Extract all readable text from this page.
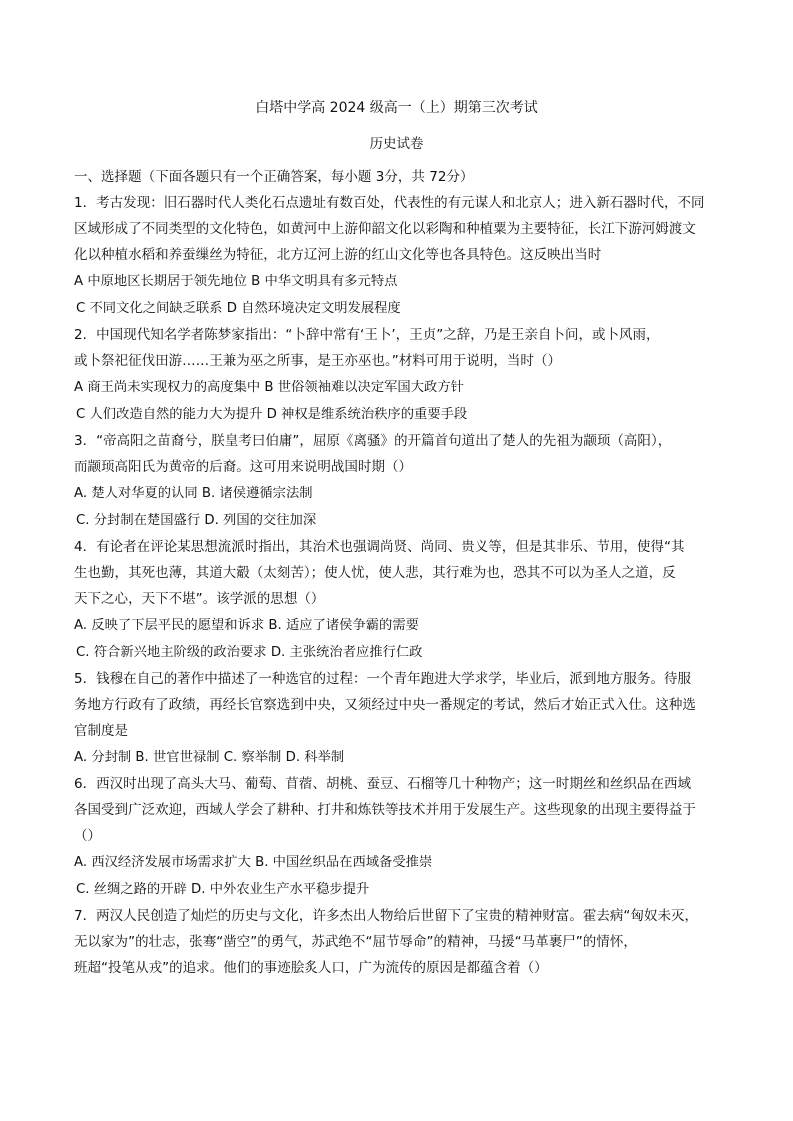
白塔中学高 2024 级高一（上）期第三次考试
历史试卷
一、选择题（下面各题只有一个正确答案，每小题 3分，共 72分）
1．考古发现：旧石器时代人类化石点遗址有数百处，代表性的有元谋人和北京人；进入新石器时代，不同
区域形成了不同类型的文化特色，如黄河中上游仰韶文化以彩陶和种植粟为主要特征，长江下游河姆渡文
化以种植水稻和养蚕缫丝为特征，北方辽河上游的红山文化等也各具特色。这反映出当时
A 中原地区长期居于领先地位 B 中华文明具有多元特点
C 不同文化之间缺乏联系 D 自然环境决定文明发展程度
2．中国现代知名学者陈梦家指出：“卜辞中常有‘王卜’，王贞”之辞，乃是王亲自卜问，或卜风雨，
或卜祭祀征伐田游……王兼为巫之所事，是王亦巫也。”材料可用于说明，当时（）
A 商王尚未实现权力的高度集中 B 世俗领袖难以决定军国大政方针
C 人们改造自然的能力大为提升 D 神权是维系统治秩序的重要手段
3．“帝高阳之苗裔兮，朕皇考曰伯庸”，屈原《离骚》的开篇首句道出了楚人的先祖为颛顼（高阳），
而颛顼高阳氏为黄帝的后裔。这可用来说明战国时期（）
A. 楚人对华夏的认同 B. 诸侯遵循宗法制
C. 分封制在楚国盛行 D. 列国的交往加深
4．有论者在评论某思想流派时指出，其治术也强调尚贤、尚同、贵义等，但是其非乐、节用，使得“其
生也勤，其死也薄，其道大觳（太刻苦）；使人忧，使人悲，其行难为也，恐其不可以为圣人之道，反
天下之心，天下不堪”。该学派的思想（）
A. 反映了下层平民的愿望和诉求 B. 适应了诸侯争霸的需要
C. 符合新兴地主阶级的政治要求 D. 主张统治者应推行仁政
5．钱穆在自己的著作中描述了一种选官的过程：一个青年跑进大学求学，毕业后，派到地方服务。待服
务地方行政有了政绩，再经长官察选到中央，又须经过中央一番规定的考试，然后才始正式入仕。这种选
官制度是
A. 分封制 B. 世官世禄制 C. 察举制 D. 科举制
6．西汉时出现了高头大马、葡萄、苜蓿、胡桃、蚕豆、石榴等几十种物产；这一时期丝和丝织品在西域
各国受到广泛欢迎，西域人学会了耕种、打井和炼铁等技术并用于发展生产。这些现象的出现主要得益于
（）
A. 西汉经济发展市场需求扩大 B. 中国丝织品在西域备受推崇
C. 丝绸之路的开辟 D. 中外农业生产水平稳步提升
7．两汉人民创造了灿烂的历史与文化，许多杰出人物给后世留下了宝贵的精神财富。霍去病“匈奴未灭，
无以家为”的壮志，张骞“凿空”的勇气，苏武绝不“屈节辱命”的精神，马援“马革裹尸”的情怀，
班超“投笔从戎”的追求。他们的事迹脍炙人口，广为流传的原因是都蕴含着（）
